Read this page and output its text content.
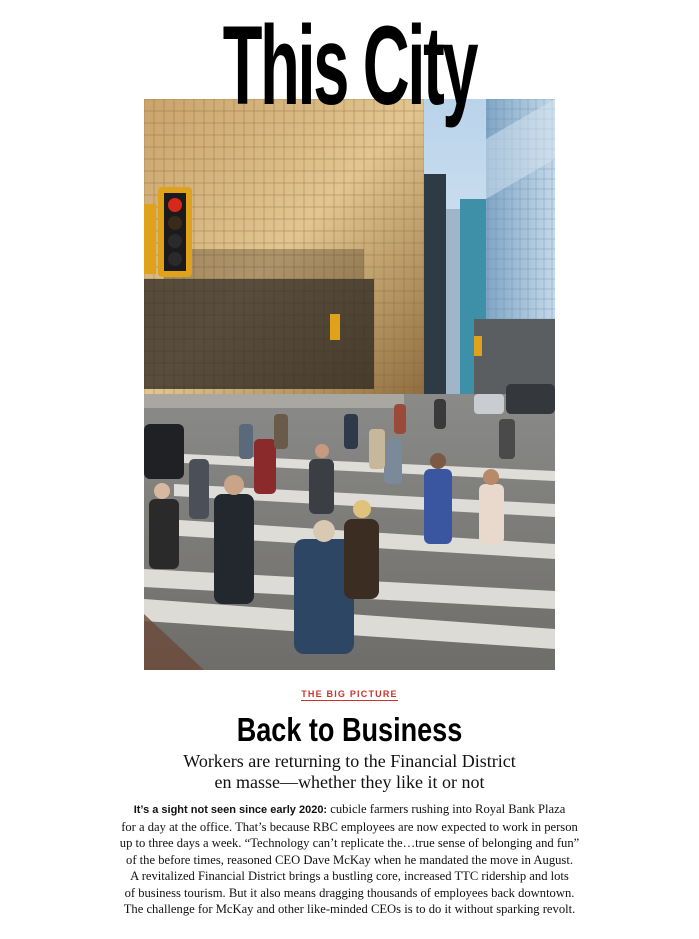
This City
THE BIG PICTURE
Back to Business
Workers are returning to the Financial District
en masse—whether they like it or not
It’s a sight not seen since early 2020: cubicle farmers rushing into Royal Bank Plaza
for a day at the office. That’s because RBC employees are now expected to work in person
up to three days a week. “Technology can’t replicate the…true sense of belonging and fun”
of the before times, reasoned CEO Dave McKay when he mandated the move in August.
A revitalized Financial District brings a bustling core, increased TTC ridership and lots
of business tourism. But it also means dragging thousands of employees back downtown.
The challenge for McKay and other like-minded CEOs is to do it without sparking revolt.
